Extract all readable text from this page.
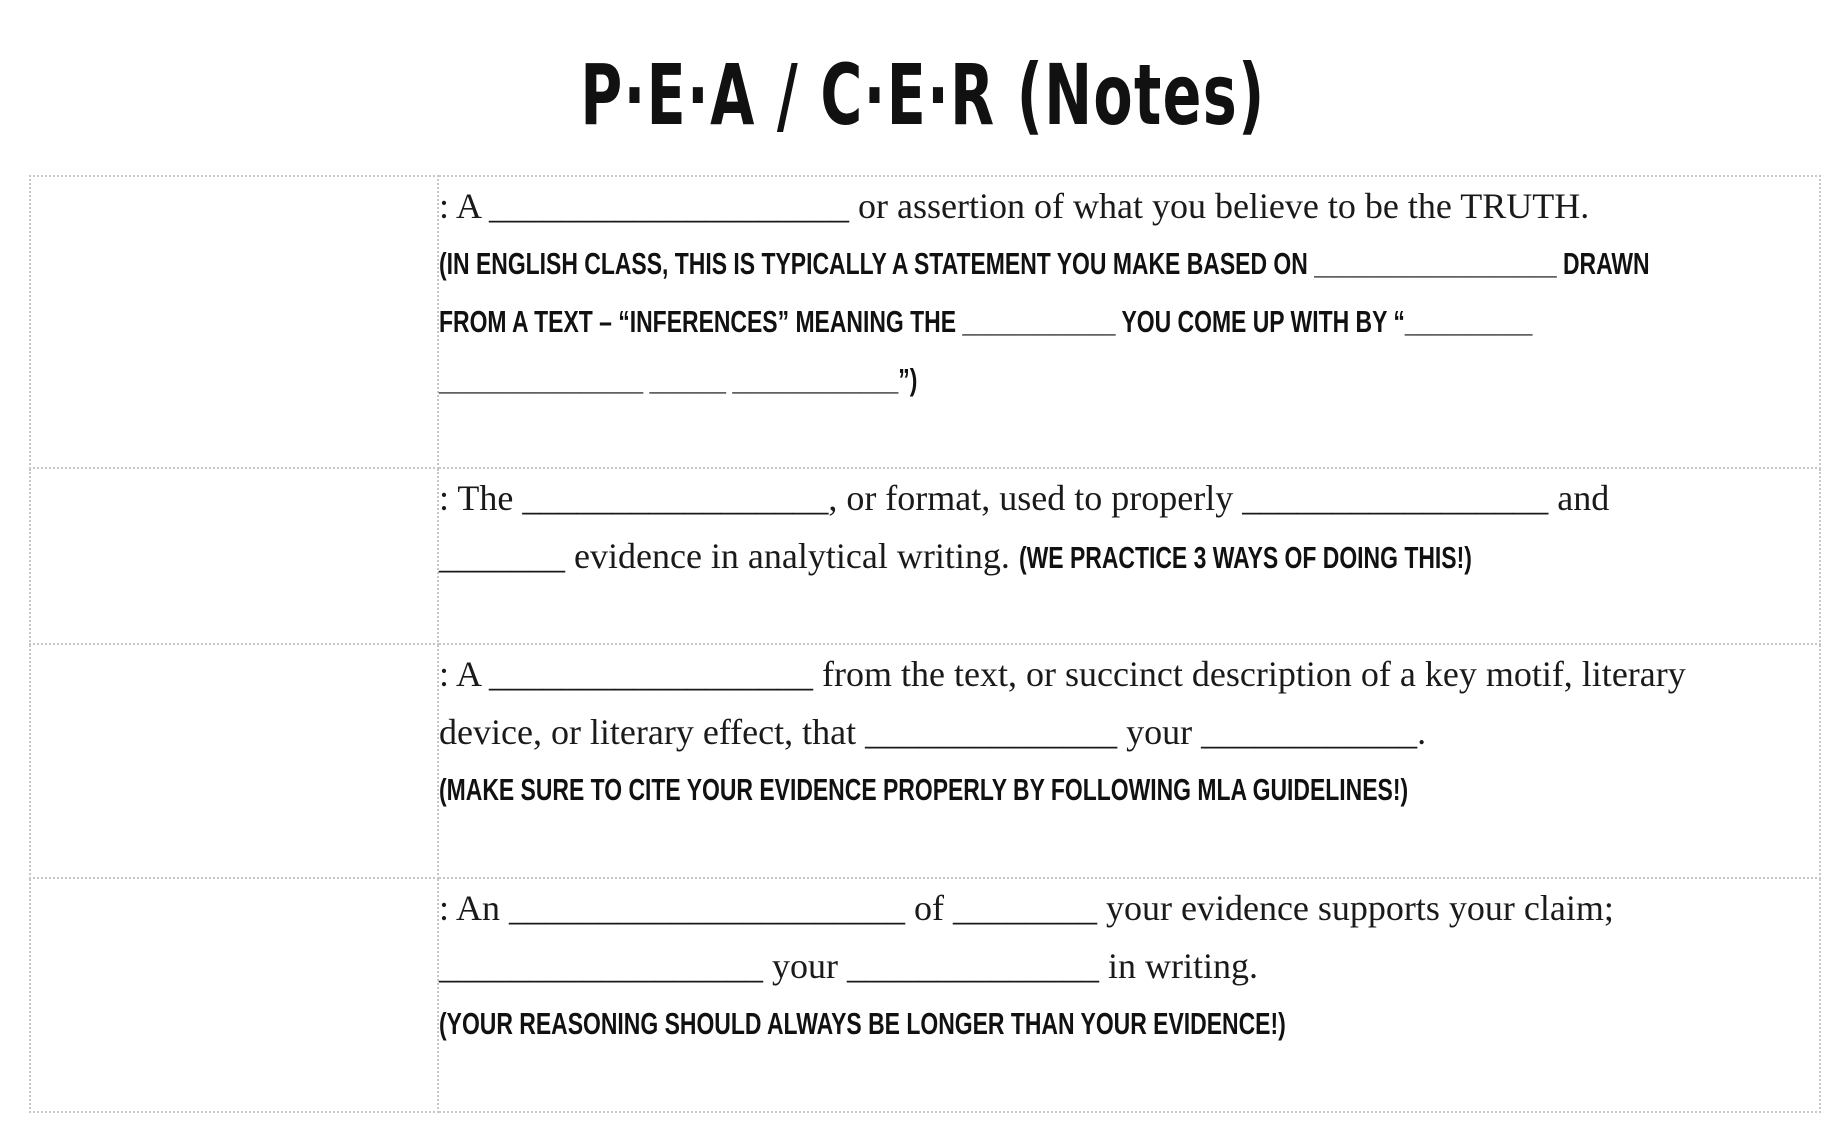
P·E·A / C·E·R (Notes)

	: A ____________________ or assertion of what you believe to be the TRUTH.
(IN ENGLISH CLASS, THIS IS TYPICALLY A STATEMENT YOU MAKE BASED ON ___________________ DRAWN
FROM A TEXT – “INFERENCES” MEANING THE ____________ YOU COME UP WITH BY “__________
________________ ______ _____________”)

	: The _________________, or format, used to properly _________________ and
_______ evidence in analytical writing. (WE PRACTICE 3 WAYS OF DOING THIS!)

	: A __________________ from the text, or succinct description of a key motif, literary
device, or literary effect, that ______________ your ____________.
(MAKE SURE TO CITE YOUR EVIDENCE PROPERLY BY FOLLOWING MLA GUIDELINES!)

	: An ______________________ of ________ your evidence supports your claim;
__________________ your ______________ in writing.
(YOUR REASONING SHOULD ALWAYS BE LONGER THAN YOUR EVIDENCE!)
